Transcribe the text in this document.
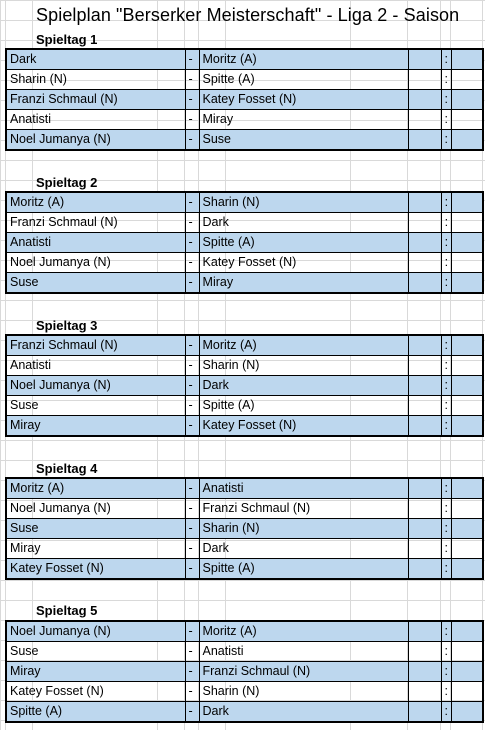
Spielplan "Berserker Meisterschaft" - Liga 2 - Saison
Spieltag 1
Dark	-	Moritz (A)		:	
Sharin (N)	-	Spitte (A)		:	
Franzi Schmaul (N)	-	Katey Fosset (N)		:	
Anatisti	-	Miray		:	
Noel Jumanya (N)	-	Suse		:	
Spieltag 2
Moritz (A)	-	Sharin (N)		:	
Franzi Schmaul (N)	-	Dark		:	
Anatisti	-	Spitte (A)		:	
Noel Jumanya (N)	-	Katey Fosset (N)		:	
Suse	-	Miray		:	
Spieltag 3
Franzi Schmaul (N)	-	Moritz (A)		:	
Anatisti	-	Sharin (N)		:	
Noel Jumanya (N)	-	Dark		:	
Suse	-	Spitte (A)		:	
Miray	-	Katey Fosset (N)		:	
Spieltag 4
Moritz (A)	-	Anatisti		:	
Noel Jumanya (N)	-	Franzi Schmaul (N)		:	
Suse	-	Sharin (N)		:	
Miray	-	Dark		:	
Katey Fosset (N)	-	Spitte (A)		:	
Spieltag 5
Noel Jumanya (N)	-	Moritz (A)		:	
Suse	-	Anatisti		:	
Miray	-	Franzi Schmaul (N)		:	
Katey Fosset (N)	-	Sharin (N)		:	
Spitte (A)	-	Dark		:	
